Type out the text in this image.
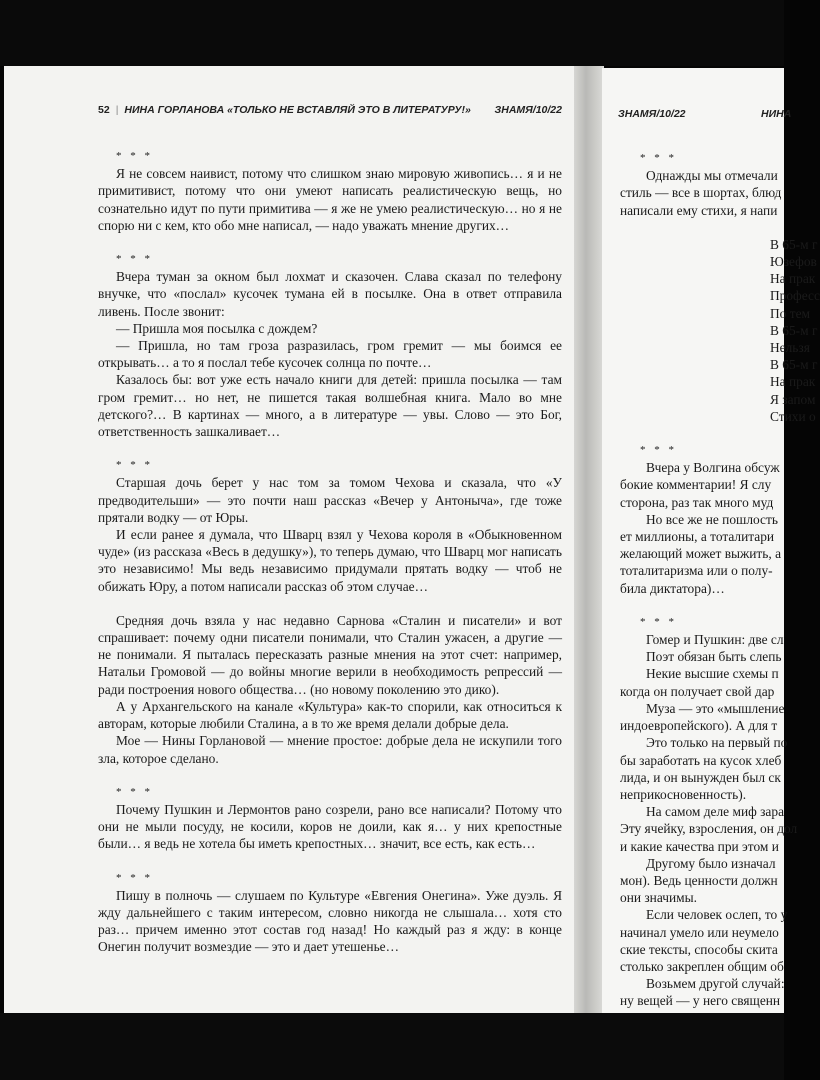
52 | НИНА ГОРЛАНОВА «ТОЛЬКО НЕ ВСТАВЛЯЙ ЭТО В ЛИТЕРАТУРУ!» ЗНАМЯ/10/22

* * *

Я не совсем наивист, потому что слишком знаю мировую живопись… я и не примитивист, потому что они умеют написать реалистическую вещь, но сознательно идут по пути примитива — я же не умею реалистическую… но я не спорю ни с кем, кто обо мне написал, — надо уважать мнение других…

* * *

Вчера туман за окном был лохмат и сказочен. Слава сказал по телефону внучке, что «послал» кусочек тумана ей в посылке. Она в ответ отправила ливень. После звонит:

— Пришла моя посылка с дождем?

— Пришла, но там гроза разразилась, гром гремит — мы боимся ее открывать… а то я послал тебе кусочек солнца по почте…

Казалось бы: вот уже есть начало книги для детей: пришла посылка — там гром гремит… но нет, не пишется такая волшебная книга. Мало во мне детского?… В картинах — много, а в литературе — увы. Слово — это Бог, ответственность зашкаливает…

* * *

Старшая дочь берет у нас том за томом Чехова и сказала, что «У предводительши» — это почти наш рассказ «Вечер у Антоныча», где тоже прятали водку — от Юры.

И если ранее я думала, что Шварц взял у Чехова короля в «Обыкновенном чуде» (из рассказа «Весь в дедушку»), то теперь думаю, что Шварц мог написать это независимо! Мы ведь независимо придумали прятать водку — чтоб не обижать Юру, а потом написали рассказ об этом случае…

Средняя дочь взяла у нас недавно Сарнова «Сталин и писатели» и вот спрашивает: почему одни писатели понимали, что Сталин ужасен, а другие — не понимали. Я пыталась пересказать разные мнения на этот счет: например, Натальи Громовой — до войны многие верили в необходимость репрессий — ради построения нового общества… (но новому поколению это дико).

А у Архангельского на канале «Культура» как-то спорили, как относиться к авторам, которые любили Сталина, а в то же время делали добрые дела.

Мое — Нины Горлановой — мнение простое: добрые дела не искупили того зла, которое сделано.

* * *

Почему Пушкин и Лермонтов рано созрели, рано все написали? Потому что они не мыли посуду, не косили, коров не доили, как я… у них крепостные были… я ведь не хотела бы иметь крепостных… значит, все есть, как есть…

* * *

Пишу в полночь — слушаем по Культуре «Евгения Онегина». Уже дуэль. Я жду дальнейшего с таким интересом, словно никогда не слышала… хотя сто раз… причем именно этот состав год назад! Но каждый раз я жду: в конце Онегин получит возмездие — это и дает утешенье…

ЗНАМЯ/10/22	НИНА

* * *

Однажды мы отмечали

стиль — все в шортах, блюд

написали ему стихи, я напи

В 65-м г

Юзефов

На прак

Професс

По тем

В 65-м г

Нельзя

В 65-м г

На прак

Я запом

Стихи о

* * *

Вчера у Волгина обсуж

бокие комментарии! Я слу

сторона, раз так много муд

Но все же не пошлость

ет миллионы, а тоталитари

желающий может выжить, а

тоталитаризма или о полу-

била диктатора)…

* * *

Гомер и Пушкин: две сл

Поэт обязан быть слепь

Некие высшие схемы п

когда он получает свой дар

Муза — это «мышление

индоевропейского). А для т

Это только на первый по

бы заработать на кусок хлеб

лида, и он вынужден был ск

неприкосновенность).

На самом деле миф зара

Эту ячейку, взросления, он дол

и какие качества при этом и

Другому было изначал

мон). Ведь ценности должн

они значимы.

Если человек ослеп, то у

начинал умело или неумело

ские тексты, способы скита

столько закреплен общим об

Возьмем другой случай:

ну вещей — у него священн
